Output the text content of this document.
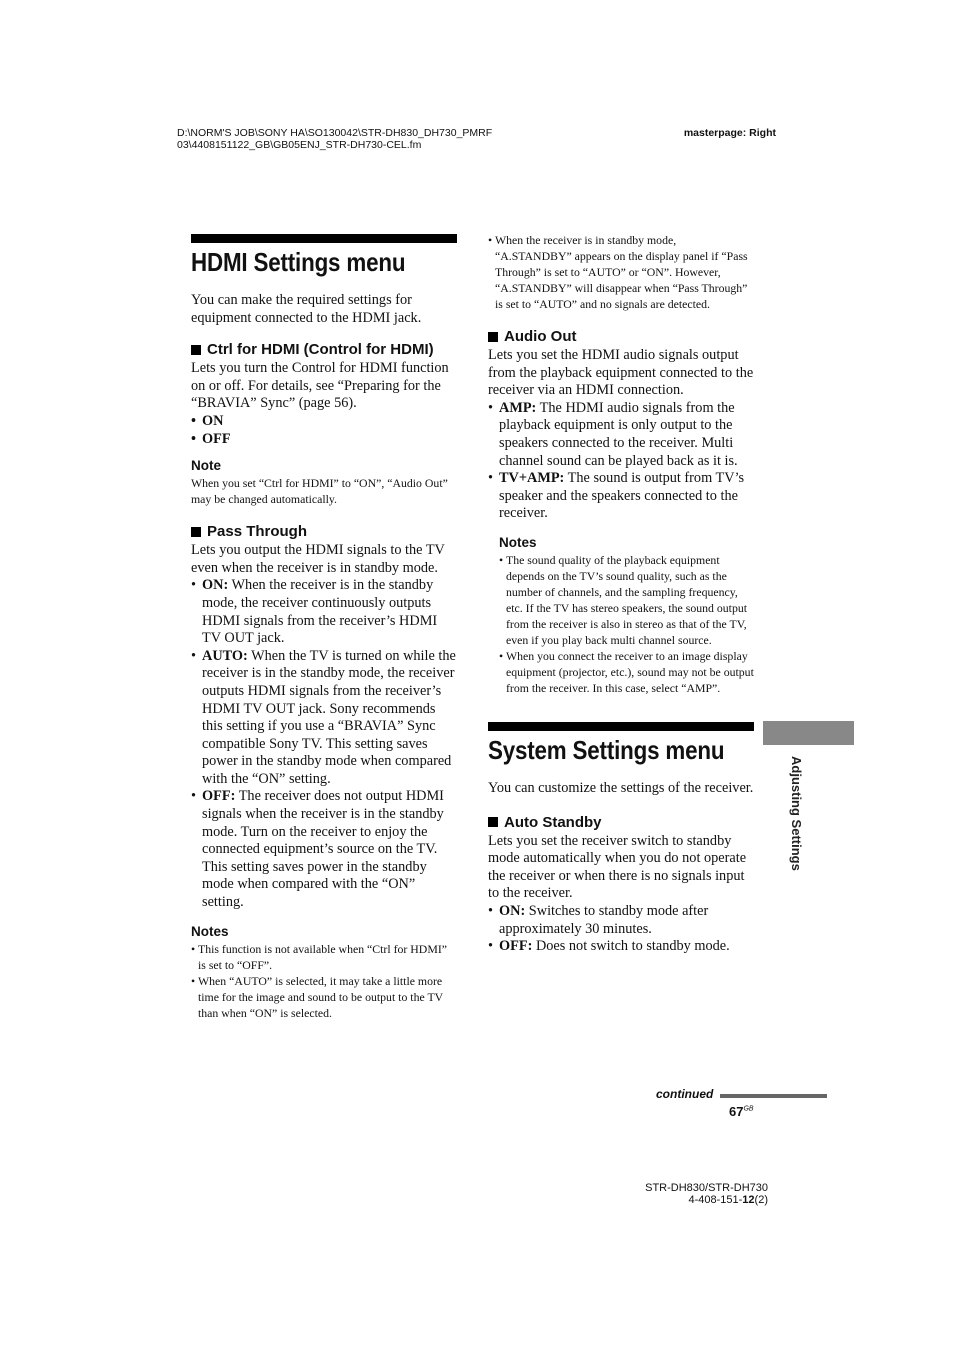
D:\NORM'S JOB\SONY HA\SO130042\STR-DH830_DH730_PMRF
03\4408151122_GB\GB05ENJ_STR-DH730-CEL.fm
masterpage: Right
HDMI Settings menu

You can make the required settings for equipment connected to the HDMI jack.

Ctrl for HDMI (Control for HDMI)

Lets you turn the Control for HDMI function on or off. For details, see “Preparing for the “BRAVIA” Sync” (page 56).

• ON
• OFF
Note

When you set “Ctrl for HDMI” to “ON”, “Audio Out” may be changed automatically.

Pass Through

Lets you output the HDMI signals to the TV even when the receiver is in standby mode.

• ON: When the receiver is in the standby mode, the receiver continuously outputs HDMI signals from the receiver’s HDMI TV OUT jack.
• AUTO: When the TV is turned on while the receiver is in the standby mode, the receiver outputs HDMI signals from the receiver’s HDMI TV OUT jack. Sony recommends this setting if you use a “BRAVIA” Sync compatible Sony TV. This setting saves power in the standby mode when compared with the “ON” setting.
• OFF: The receiver does not output HDMI signals when the receiver is in the standby mode. Turn on the receiver to enjoy the connected equipment’s source on the TV. This setting saves power in the standby mode when compared with the “ON” setting.
Notes
• This function is not available when “Ctrl for HDMI” is set to “OFF”.
• When “AUTO” is selected, it may take a little more time for the image and sound to be output to the TV than when “ON” is selected.
• When the receiver is in standby mode, “A.STANDBY” appears on the display panel if “Pass Through” is set to “AUTO” or “ON”. However, “A.STANDBY” will disappear when “Pass Through” is set to “AUTO” and no signals are detected.
Audio Out

Lets you set the HDMI audio signals output from the playback equipment connected to the receiver via an HDMI connection.

• AMP: The HDMI audio signals from the playback equipment is only output to the speakers connected to the receiver. Multi channel sound can be played back as it is.
• TV+AMP: The sound is output from TV’s speaker and the speakers connected to the receiver.
Notes
• The sound quality of the playback equipment depends on the TV’s sound quality, such as the number of channels, and the sampling frequency, etc. If the TV has stereo speakers, the sound output from the receiver is also in stereo as that of the TV, even if you play back multi channel source.
• When you connect the receiver to an image display equipment (projector, etc.), sound may not be output from the receiver. In this case, select “AMP”.
System Settings menu

You can customize the settings of the receiver.

Auto Standby

Lets you set the receiver switch to standby mode automatically when you do not operate the receiver or when there is no signals input to the receiver.

• ON: Switches to standby mode after approximately 30 minutes.
• OFF: Does not switch to standby mode.
Adjusting Settings
continued
$67^{GB}$
STR-DH830/STR-DH730
4-408-151-12(2)
